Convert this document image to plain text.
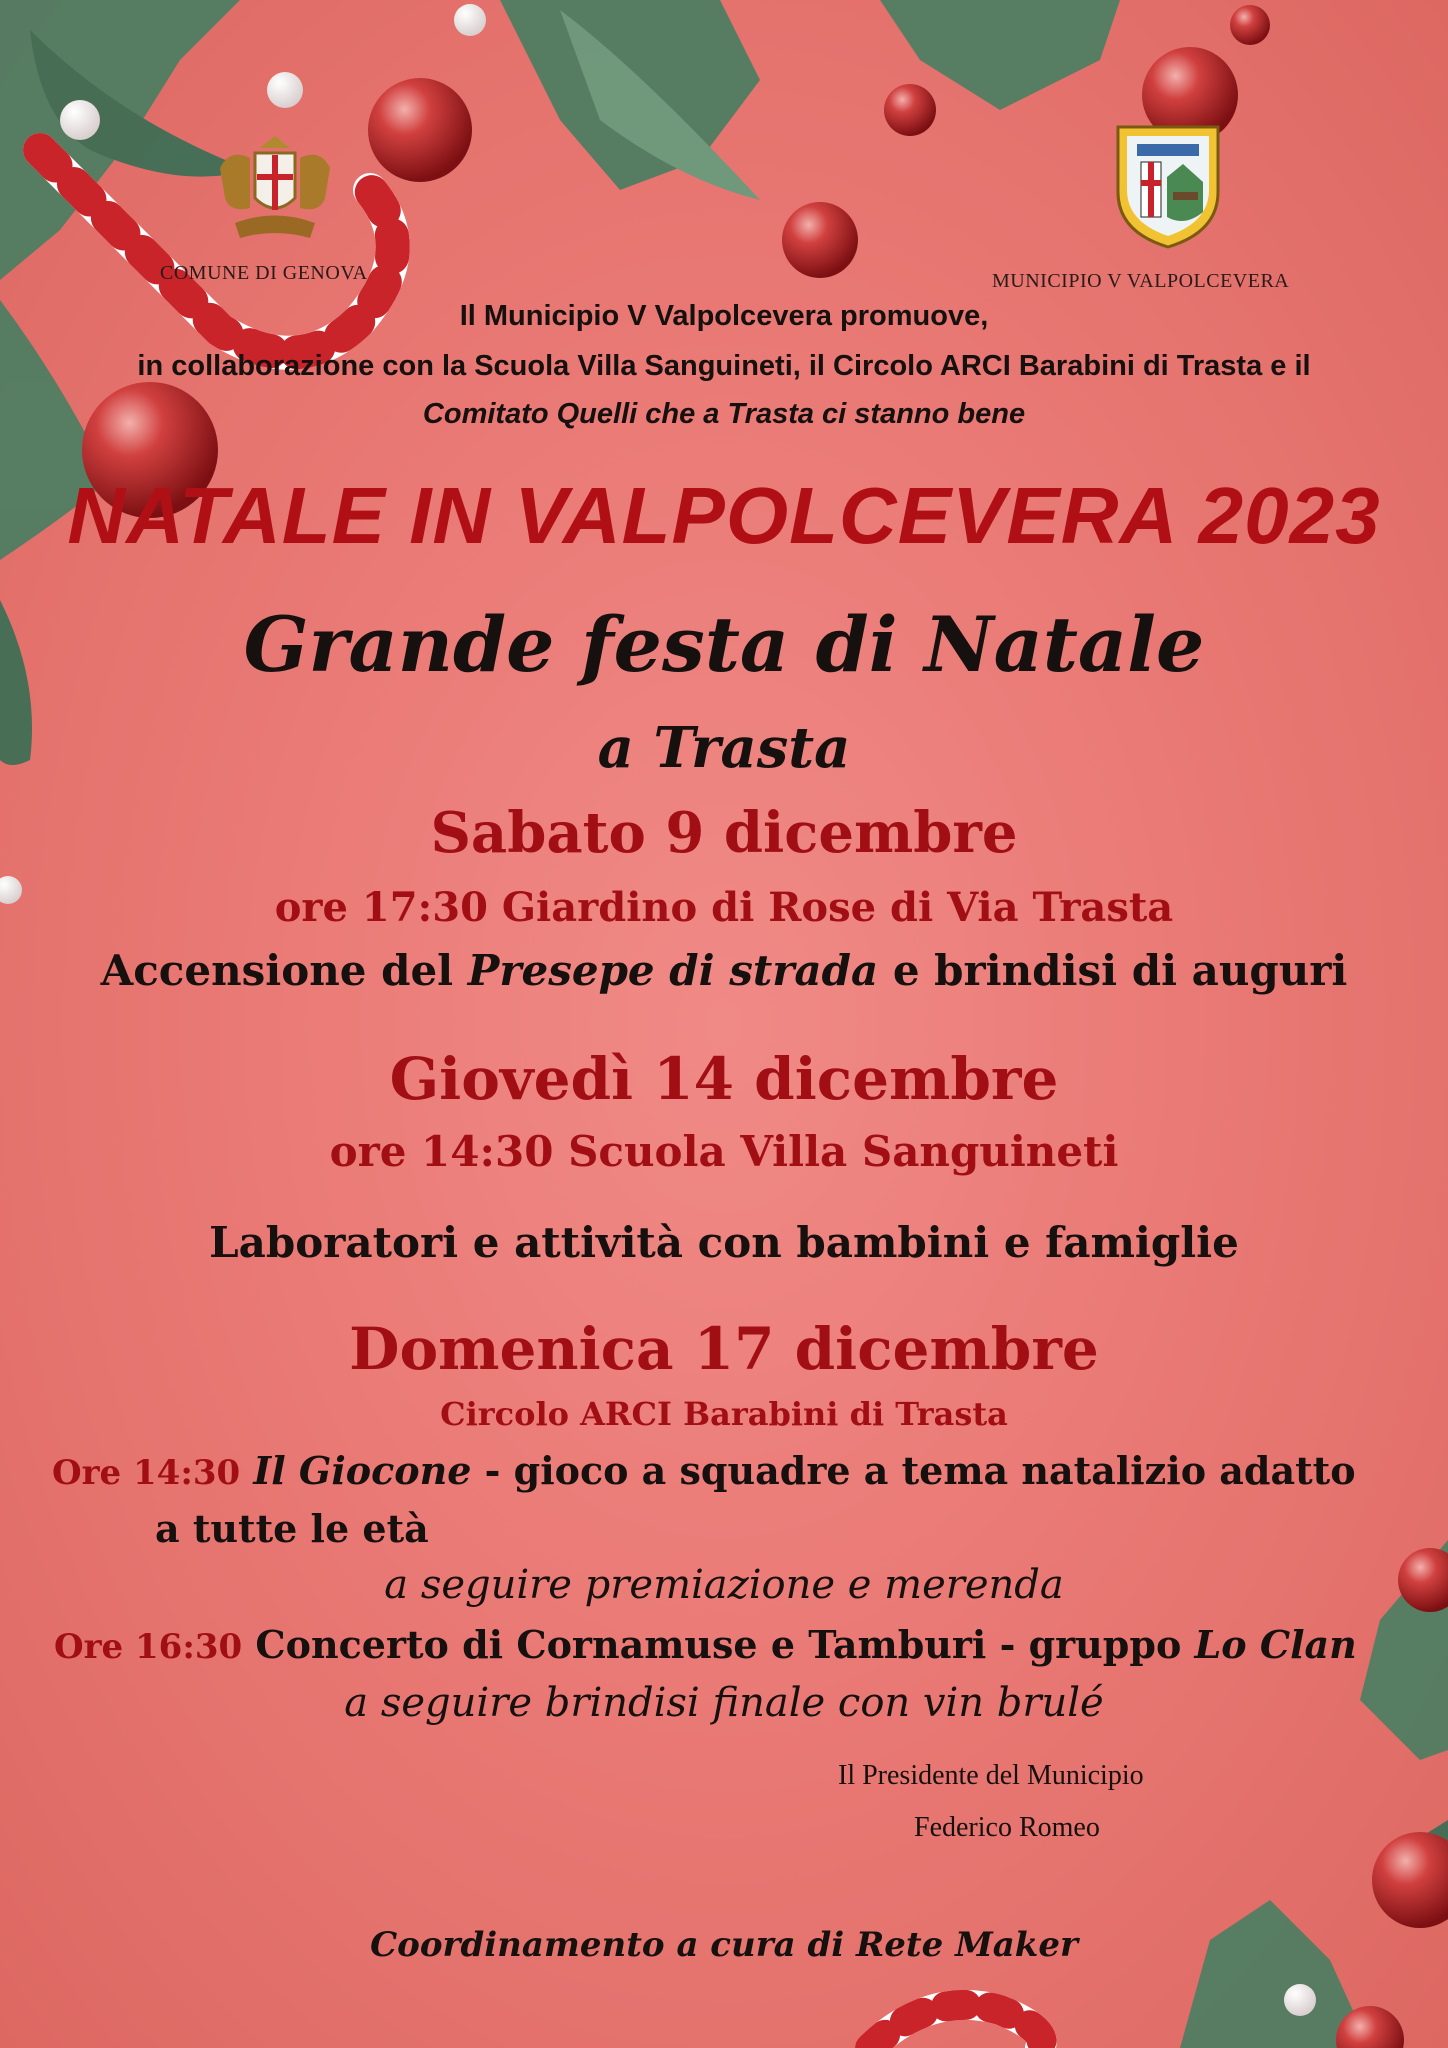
COMUNE DI GENOVA	MUNICIPIO V VALPOLCEVERA
Il Municipio V Valpolcevera promuove,
in collaborazione con la Scuola Villa Sanguineti, il Circolo ARCI Barabini di Trasta e il
Comitato Quelli che a Trasta ci stanno bene
NATALE IN VALPOLCEVERA 2023
Grande festa di Natale
a Trasta
Sabato 9 dicembre
ore 17:30 Giardino di Rose di Via Trasta
Accensione del Presepe di strada e brindisi di auguri
Giovedì 14 dicembre
ore 14:30 Scuola Villa Sanguineti
Laboratori e attività con bambini e famiglie
Domenica 17 dicembre
Circolo ARCI Barabini di Trasta
Ore 14:30 Il Giocone - gioco a squadre a tema natalizio adatto
a tutte le età
a seguire premiazione e merenda
Ore 16:30 Concerto di Cornamuse e Tamburi - gruppo Lo Clan
a seguire brindisi finale con vin brulé
Il Presidente del Municipio
Federico Romeo
Coordinamento a cura di Rete Maker
